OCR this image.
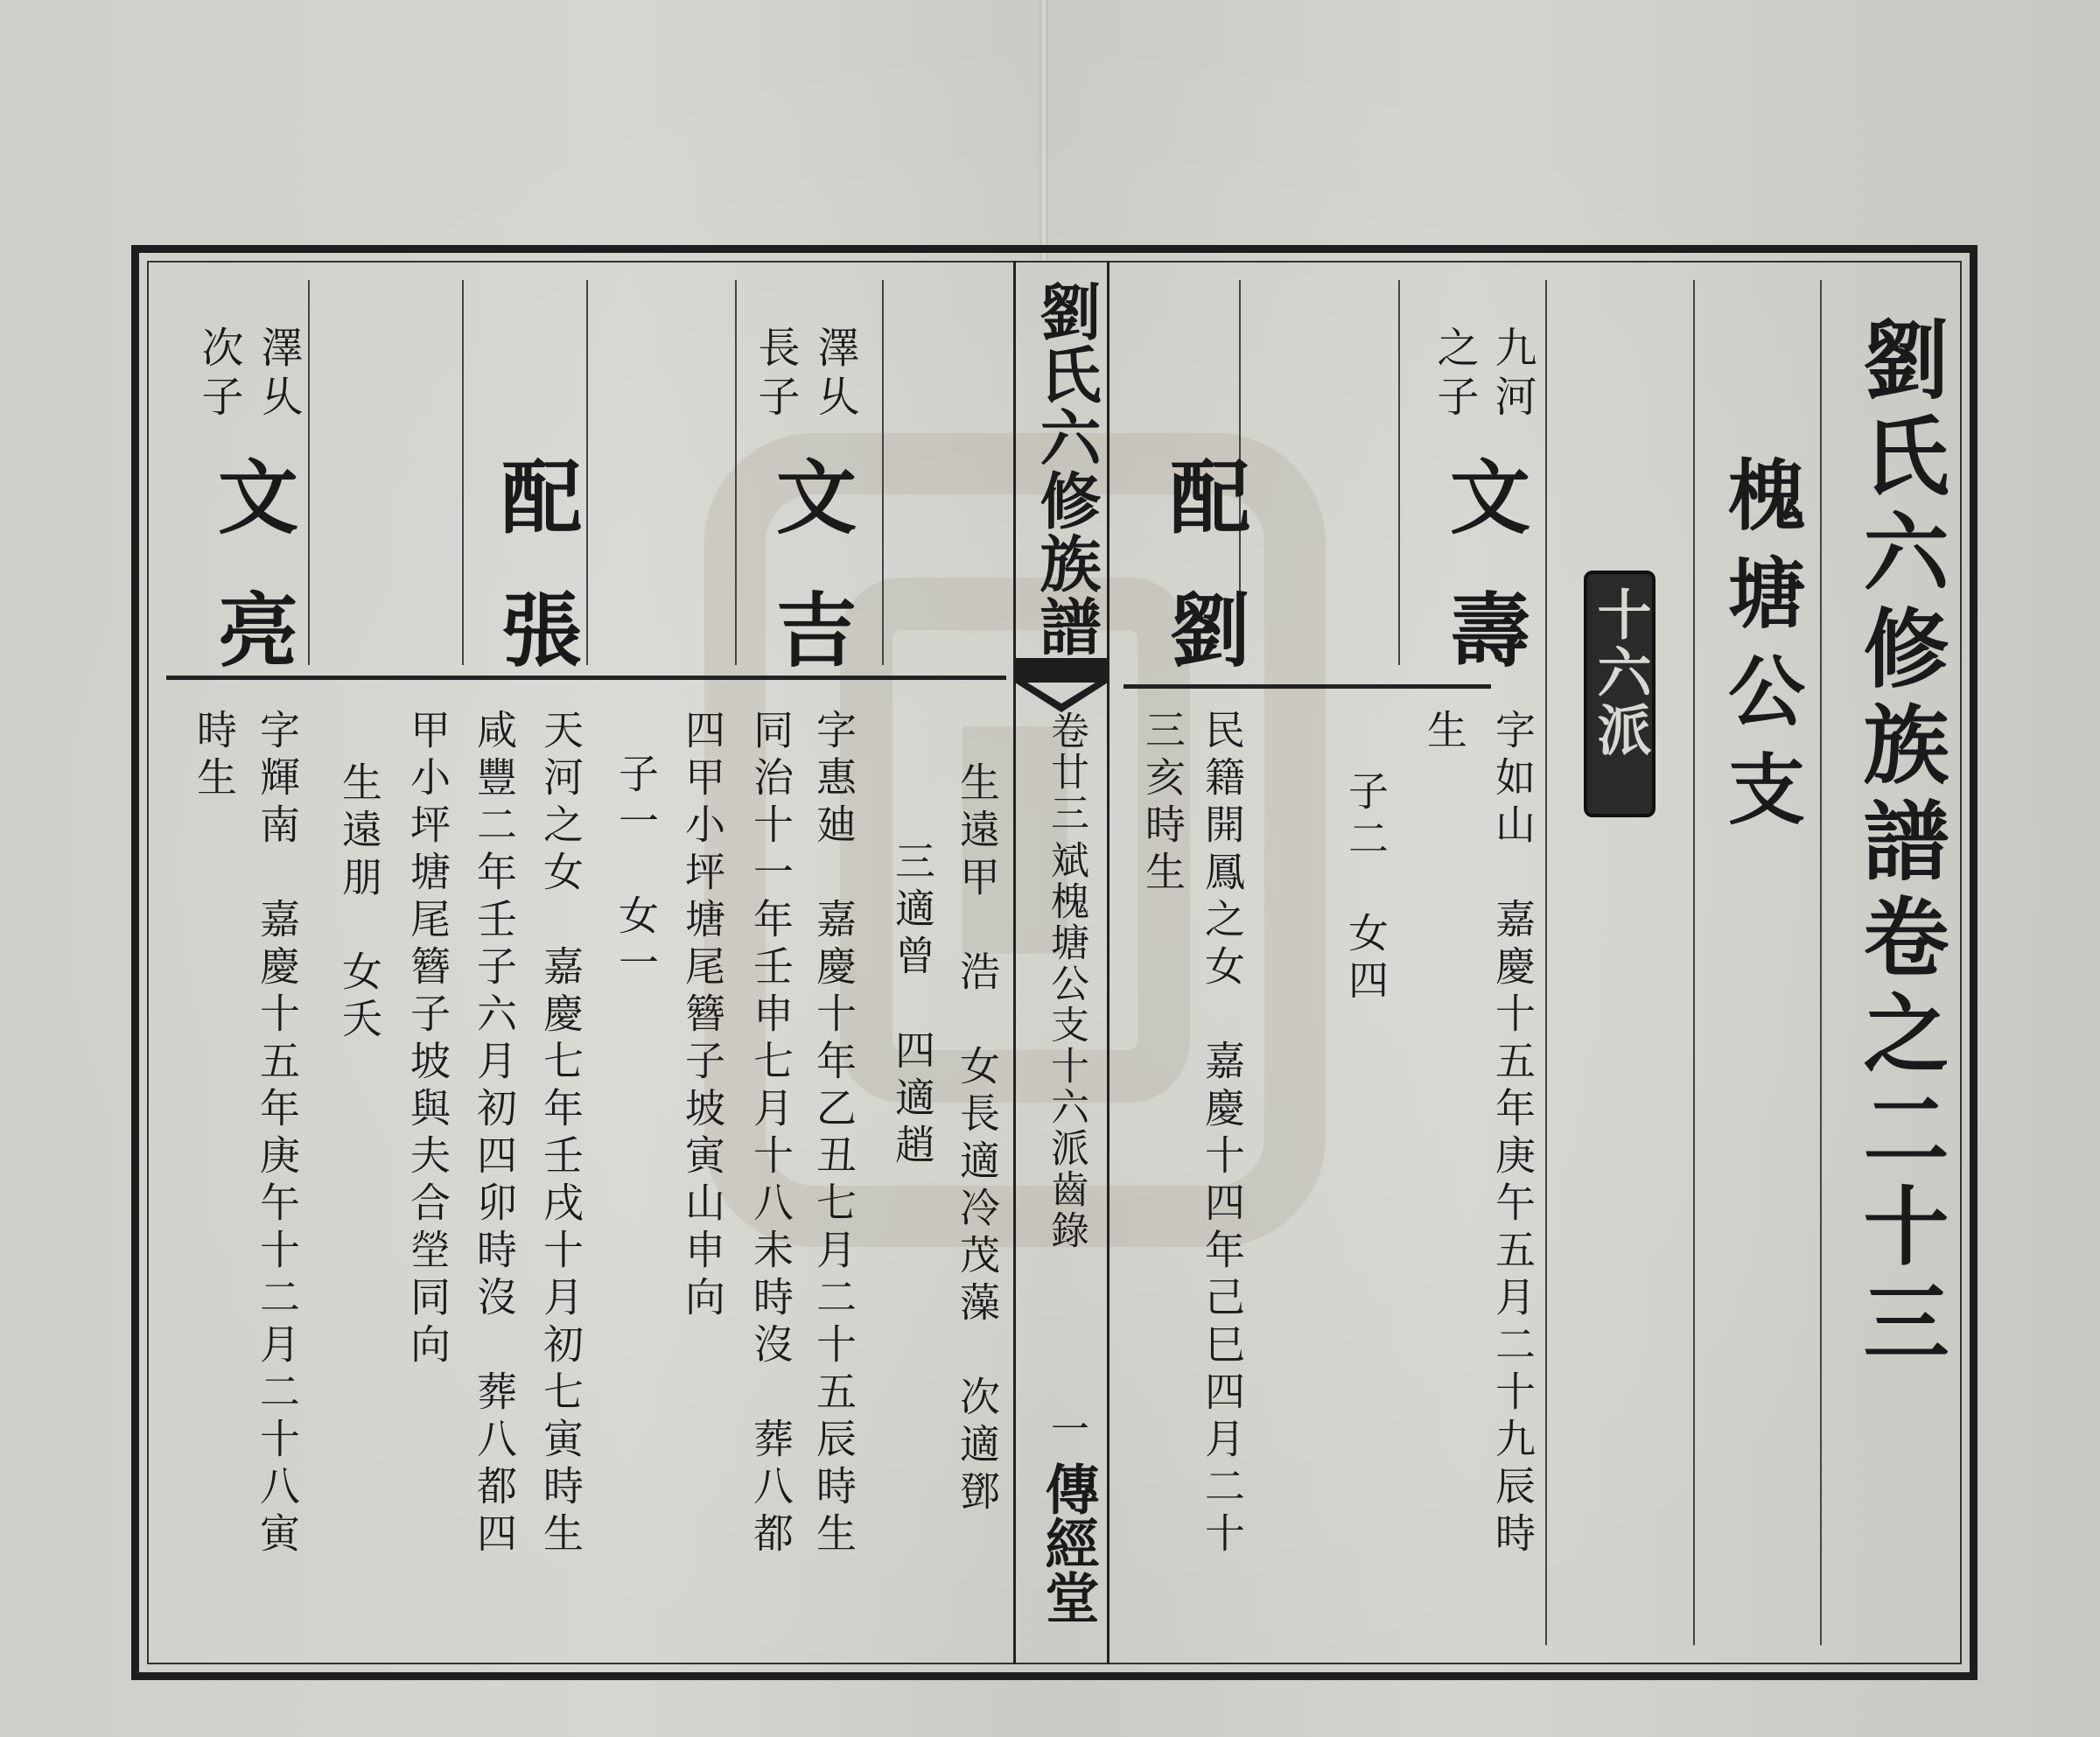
劉氏六修族譜卷之二十三
槐塘公支
十六派
九河
之子
文壽
字如山　嘉慶十五年庚午五月二十九辰時
生
子二　女四
配劉
民籍開鳳之女　嘉慶十四年己巳四月二十
三亥時生
劉氏六修族譜
卷廿三
斌槐塘公支十六派齒錄
一
傳經堂
澤乆
長子
文吉
字惠廸　嘉慶十年乙丑七月二十五辰時生
同治十一年壬申七月十八未時沒　葬八都
四甲小坪塘尾簪子坡寅山申向
子一　女一	生遠甲　浩　女長適冷茂藻　次適鄧
三適曾　四適趙
配張
天河之女　嘉慶七年壬戌十月初七寅時生
咸豐二年壬子六月初四卯時沒　葬八都四
甲小坪塘尾簪子坡與夫合塋同向
生遠朋　女夭
澤乆
次子
文亮
字輝南　嘉慶十五年庚午十二月二十八寅
時生
